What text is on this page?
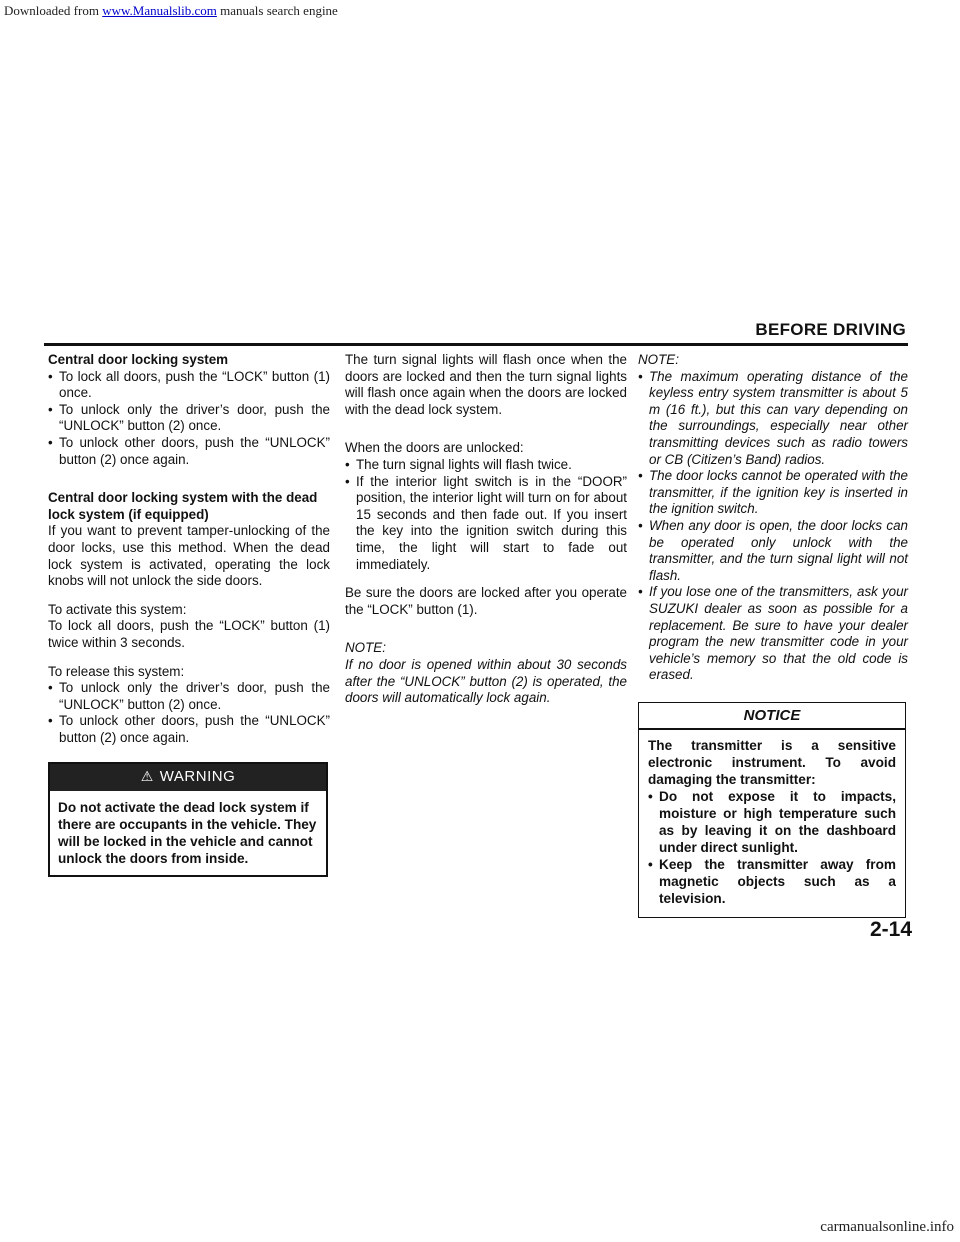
Downloaded from www.Manualslib.com manuals search engine
BEFORE DRIVING
Central door locking system
• To lock all doors, push the “LOCK” button (1) once.
• To unlock only the driver’s door, push the “UNLOCK” button (2) once.
• To unlock other doors, push the “UNLOCK” button (2) once again.
Central door locking system with the dead lock system (if equipped)

If you want to prevent tamper-unlocking of the door locks, use this method. When the dead lock system is activated, operating the lock knobs will not unlock the side doors.

To activate this system:

To lock all doors, push the “LOCK” button (1) twice within 3 seconds.

To release this system:
• To unlock only the driver’s door, push the “UNLOCK” button (2) once.
• To unlock other doors, push the “UNLOCK” button (2) once again.
⚠ WARNING
Do not activate the dead lock system if there are occupants in the vehicle. They will be locked in the vehicle and cannot unlock the doors from inside.

The turn signal lights will flash once when the doors are locked and then the turn signal lights will flash once again when the doors are locked with the dead lock system.

When the doors are unlocked:
• The turn signal lights will flash twice.
• If the interior light switch is in the “DOOR” position, the interior light will turn on for about 15 seconds and then fade out. If you insert the key into the ignition switch during this time, the light will start to fade out immediately.

Be sure the doors are locked after you operate the “LOCK” button (1).

NOTE:

If no door is opened within about 30 seconds after the “UNLOCK” button (2) is operated, the doors will automatically lock again.

NOTE:
• The maximum operating distance of the keyless entry system transmitter is about 5 m (16 ft.), but this can vary depending on the surroundings, especially near other transmitting devices such as radio towers or CB (Citizen’s Band) radios.
• The door locks cannot be operated with the transmitter, if the ignition key is inserted in the ignition switch.
• When any door is open, the door locks can be operated only unlock with the transmitter, and the turn signal light will not flash.
• If you lose one of the transmitters, ask your SUZUKI dealer as soon as possible for a replacement. Be sure to have your dealer program the new transmitter code in your vehicle’s memory so that the old code is erased.
NOTICE
The transmitter is a sensitive electronic instrument. To avoid damaging the transmitter:
• Do not expose it to impacts, moisture or high temperature such as by leaving it on the dashboard under direct sunlight.
• Keep the transmitter away from magnetic objects such as a television.
2-14
carmanualsonline.info
